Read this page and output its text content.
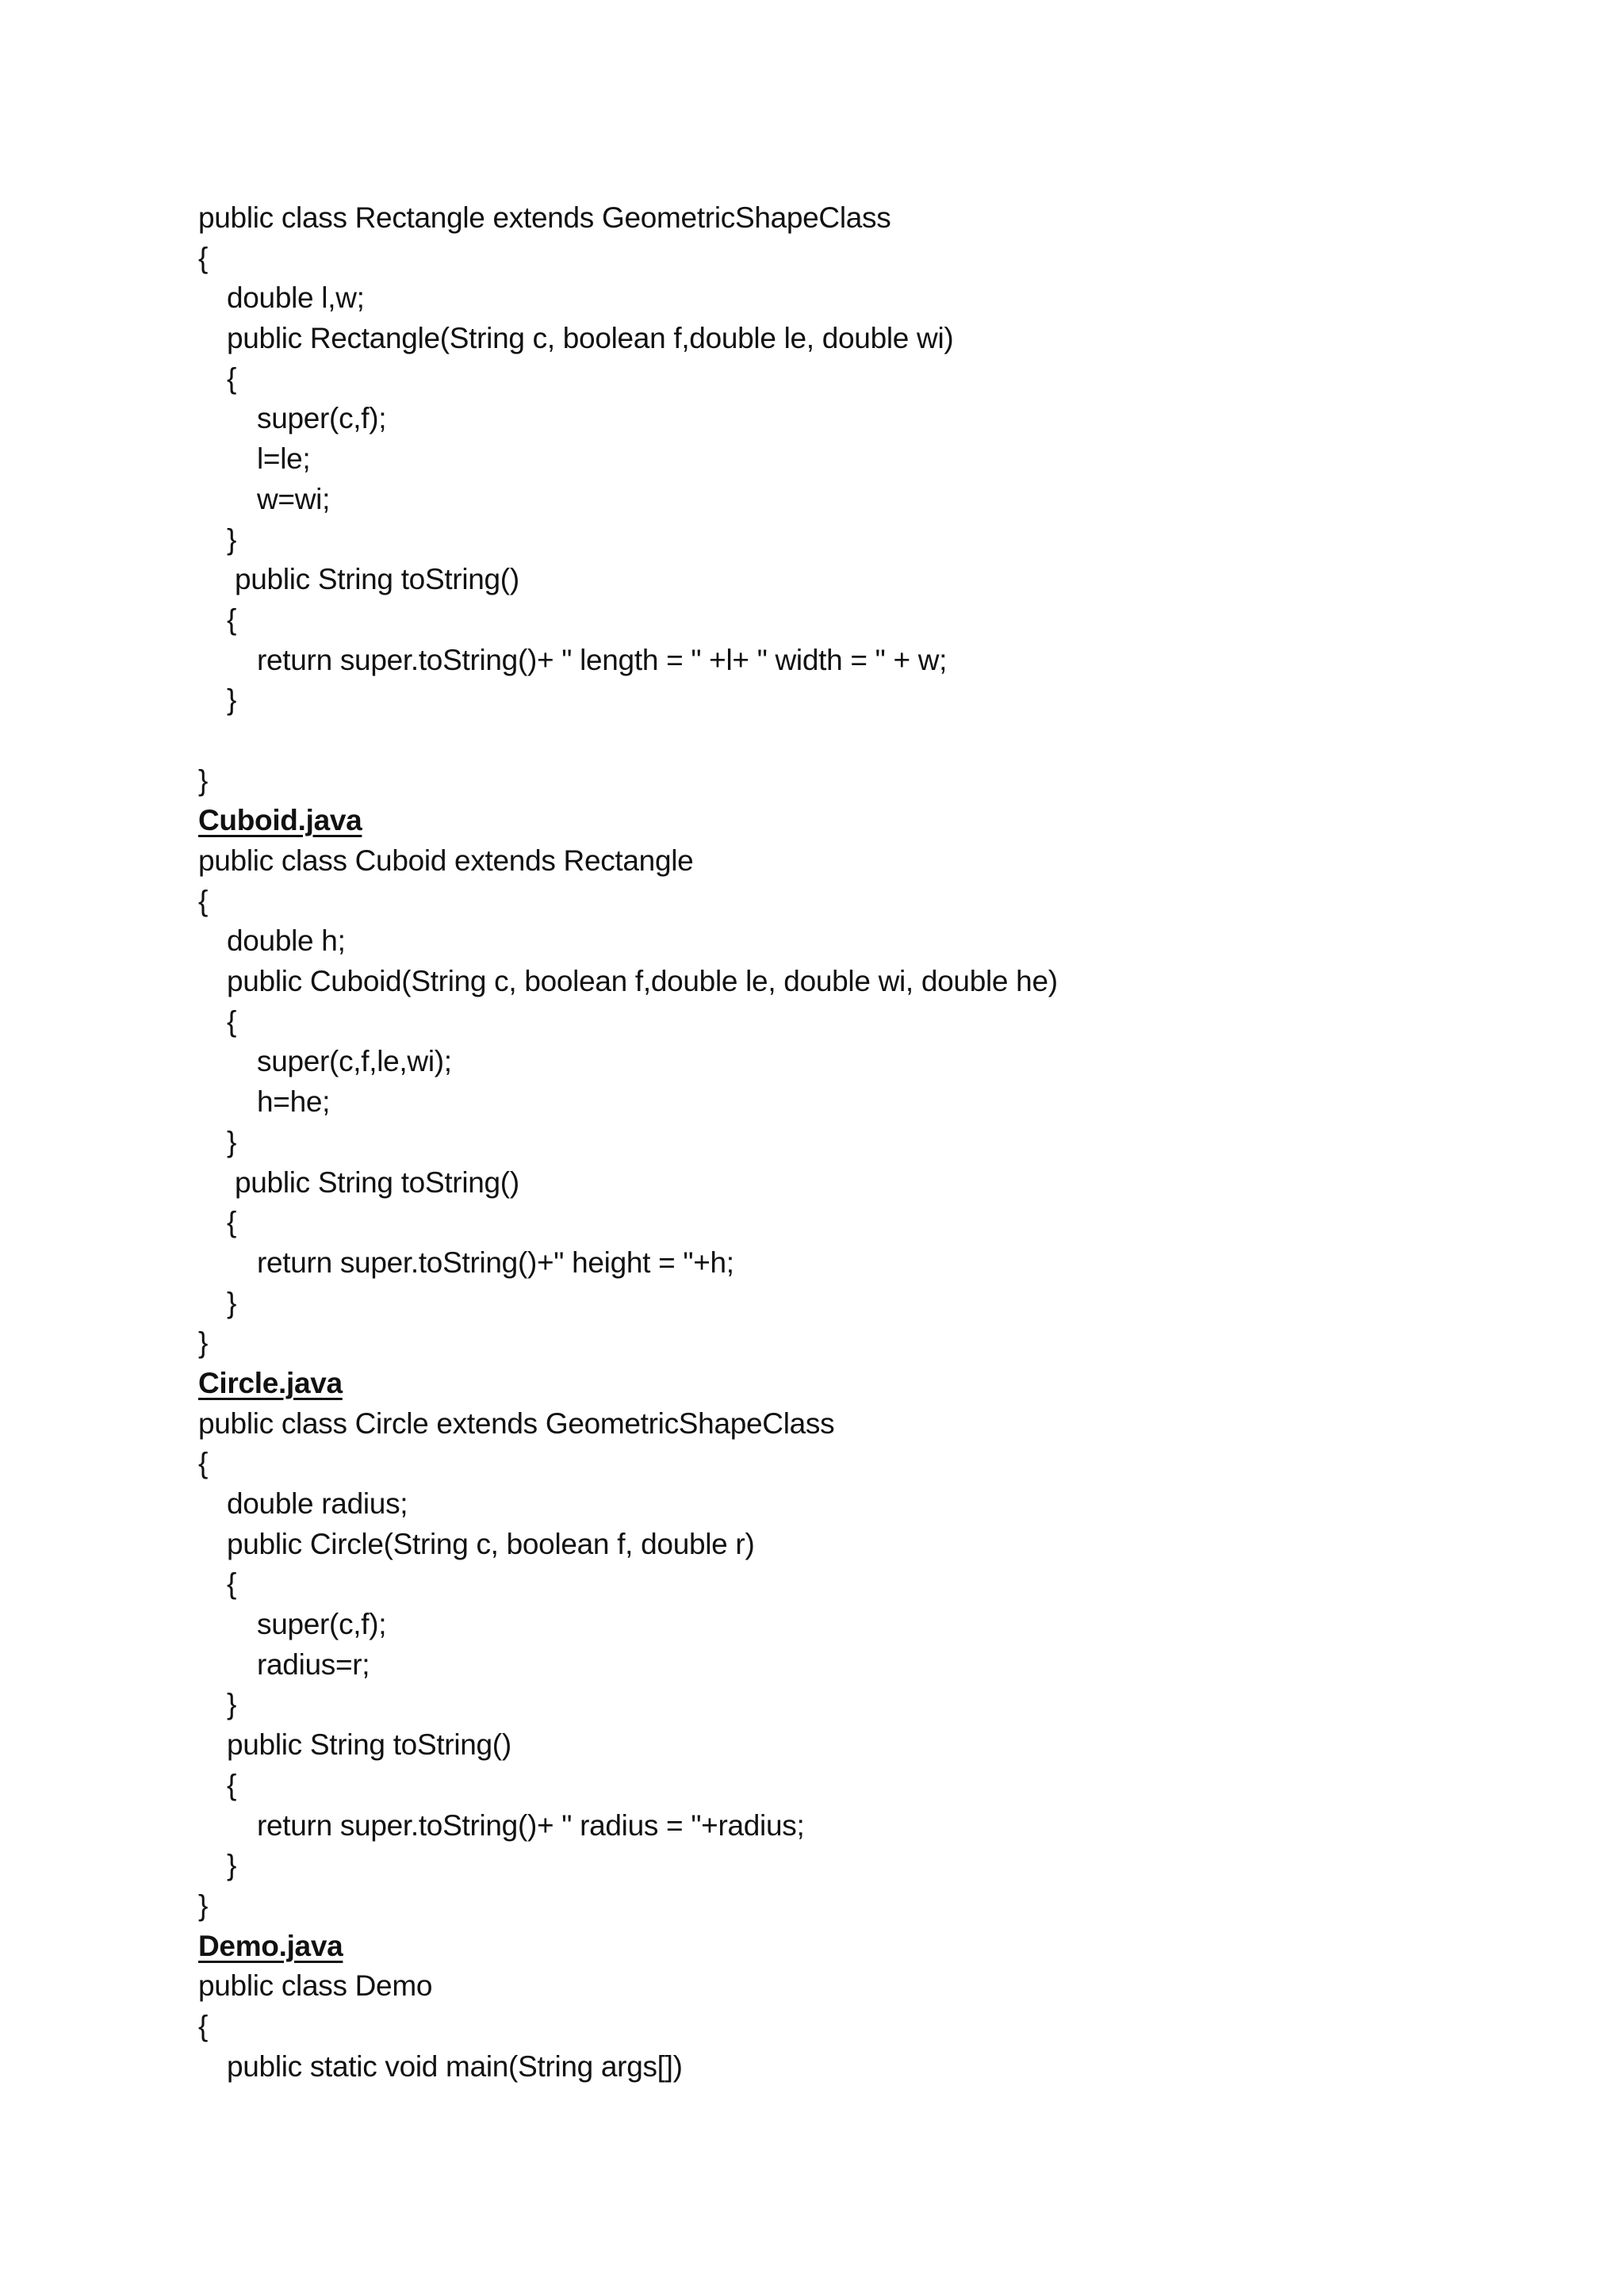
public class Rectangle extends GeometricShapeClass
{
double l,w;
public Rectangle(String c, boolean f,double le, double wi)
{
super(c,f);
l=le;
w=wi;
}
public String toString()
{
return super.toString()+ " length = " +l+ " width = " + w;
}
}
Cuboid.java
public class Cuboid extends Rectangle
{
double h;
public Cuboid(String c, boolean f,double le, double wi, double he)
{
super(c,f,le,wi);
h=he;
}
public String toString()
{
return super.toString()+" height = "+h;
}
}
Circle.java
public class Circle extends GeometricShapeClass
{
double radius;
public Circle(String c, boolean f, double r)
{
super(c,f);
radius=r;
}
public String toString()
{
return super.toString()+ " radius = "+radius;
}
}
Demo.java
public class Demo
{
public static void main(String args[])
